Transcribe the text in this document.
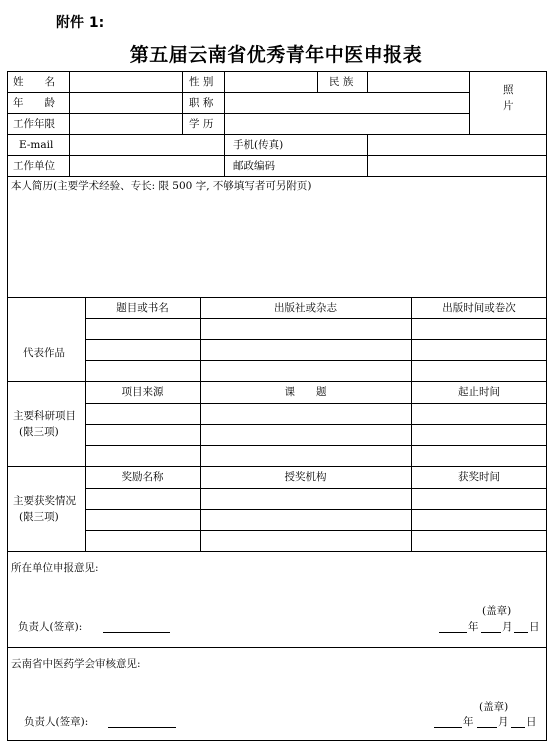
附件 1:
第五届云南省优秀青年中医申报表
姓　　名	性 别	民 族
照
片
年　　龄	职 称
工作年限	学 历
E-mail	手机(传真)
工作单位	邮政编码
本人简历(主要学术经验、专长: 限 500 字, 不够填写者可另附页)
代表作品
题目或书名	出版社或杂志	出版时间或卷次
主要科研项目
(限三项)
项目来源	课　　题	起止时间
主要获奖情况
(限三项)
奖励名称	授奖机构	获奖时间
所在单位申报意见:
(盖章)
负责人(签章):	年 月 日
云南省中医药学会审核意见:
(盖章)
负责人(签章):	年 月 日
